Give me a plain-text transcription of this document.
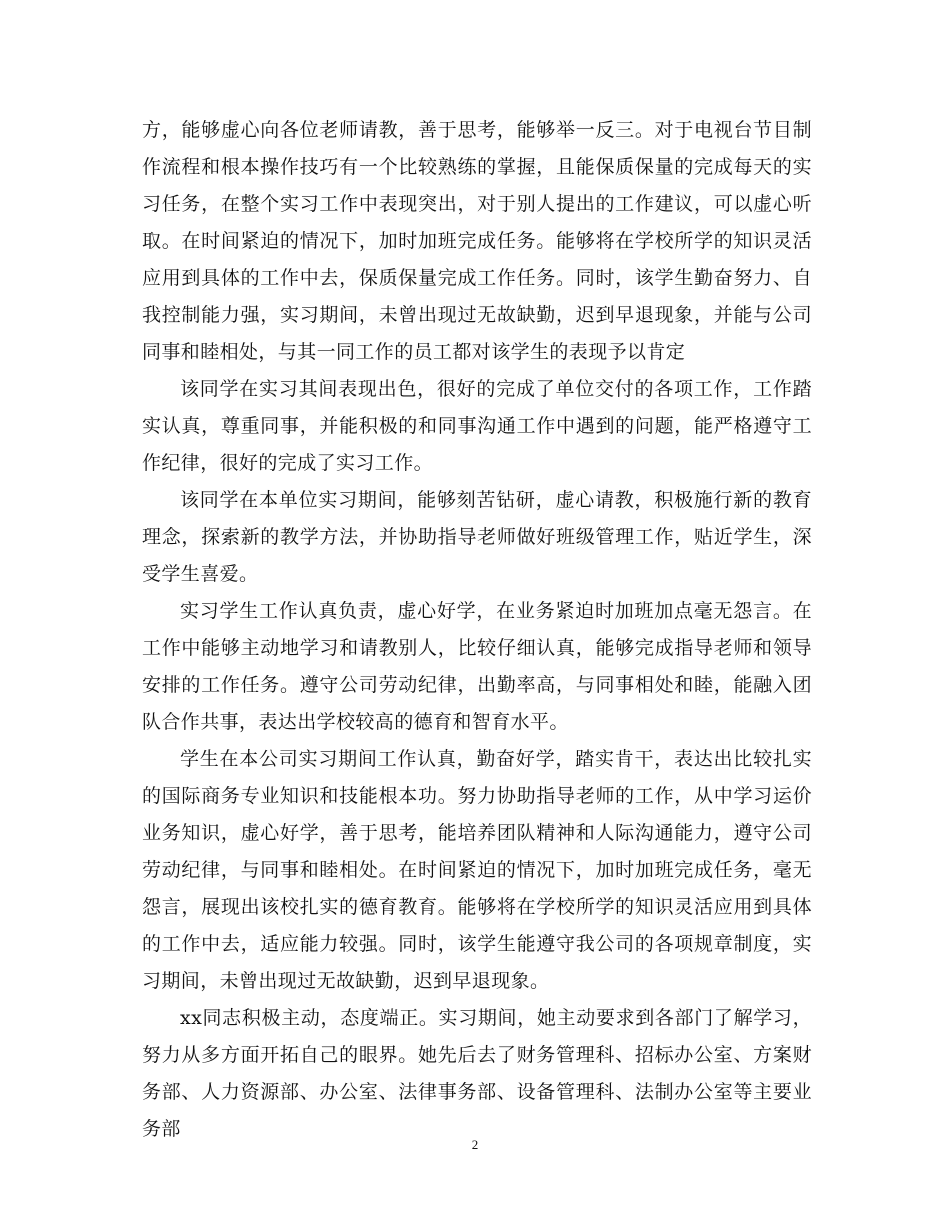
方，能够虚心向各位老师请教，善于思考，能够举一反三。对于电视台节目制作流程和根本操作技巧有一个比较熟练的掌握，且能保质保量的完成每天的实习任务，在整个实习工作中表现突出，对于别人提出的工作建议，可以虚心听取。在时间紧迫的情况下，加时加班完成任务。能够将在学校所学的知识灵活应用到具体的工作中去，保质保量完成工作任务。同时，该学生勤奋努力、自我控制能力强，实习期间，未曾出现过无故缺勤，迟到早退现象，并能与公司同事和睦相处，与其一同工作的员工都对该学生的表现予以肯定

该同学在实习其间表现出色，很好的完成了单位交付的各项工作，工作踏实认真，尊重同事，并能积极的和同事沟通工作中遇到的问题，能严格遵守工作纪律，很好的完成了实习工作。

该同学在本单位实习期间，能够刻苦钻研，虚心请教，积极施行新的教育理念，探索新的教学方法，并协助指导老师做好班级管理工作，贴近学生，深受学生喜爱。

实习学生工作认真负责，虚心好学，在业务紧迫时加班加点毫无怨言。在工作中能够主动地学习和请教别人，比较仔细认真，能够完成指导老师和领导安排的工作任务。遵守公司劳动纪律，出勤率高，与同事相处和睦，能融入团队合作共事，表达出学校较高的德育和智育水平。

学生在本公司实习期间工作认真，勤奋好学，踏实肯干，表达出比较扎实的国际商务专业知识和技能根本功。努力协助指导老师的工作，从中学习运价业务知识，虚心好学，善于思考，能培养团队精神和人际沟通能力，遵守公司劳动纪律，与同事和睦相处。在时间紧迫的情况下，加时加班完成任务，毫无怨言，展现出该校扎实的德育教育。能够将在学校所学的知识灵活应用到具体的工作中去，适应能力较强。同时，该学生能遵守我公司的各项规章制度，实习期间，未曾出现过无故缺勤，迟到早退现象。

xx同志积极主动，态度端正。实习期间，她主动要求到各部门了解学习，努力从多方面开拓自己的眼界。她先后去了财务管理科、招标办公室、方案财务部、人力资源部、办公室、法律事务部、设备管理科、法制办公室等主要业务部

2
